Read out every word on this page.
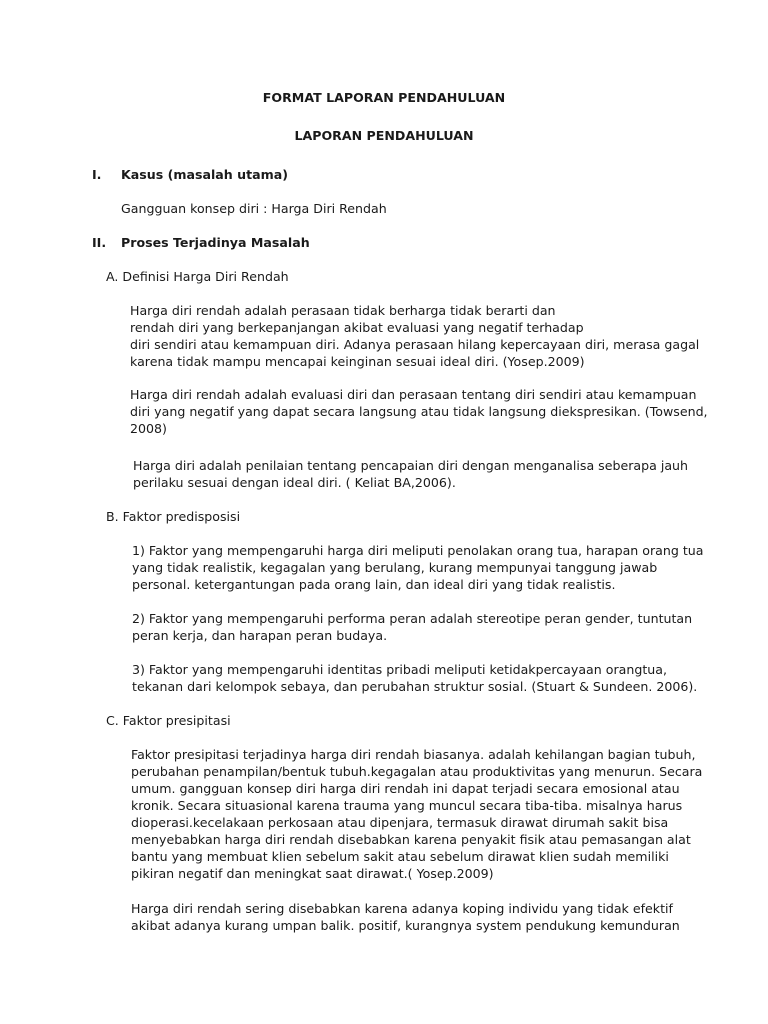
FORMAT LAPORAN PENDAHULUAN

LAPORAN PENDAHULUAN

I. Kasus (masalah utama)

Gangguan konsep diri : Harga Diri Rendah

II. Proses Terjadinya Masalah

A. Definisi Harga Diri Rendah

Harga diri rendah adalah perasaan tidak berharga tidak berarti dan

rendah diri yang berkepanjangan akibat evaluasi yang negatif terhadap

diri sendiri atau kemampuan diri. Adanya perasaan hilang kepercayaan diri, merasa gagal

karena tidak mampu mencapai keinginan sesuai ideal diri. (Yosep.2009)

Harga diri rendah adalah evaluasi diri dan perasaan tentang diri sendiri atau kemampuan

diri yang negatif yang dapat secara langsung atau tidak langsung diekspresikan. (Towsend,

2008)

Harga diri adalah penilaian tentang pencapaian diri dengan menganalisa seberapa jauh

perilaku sesuai dengan ideal diri. ( Keliat BA,2006).

B. Faktor predisposisi

1) Faktor yang mempengaruhi harga diri meliputi penolakan orang tua, harapan orang tua

yang tidak realistik, kegagalan yang berulang, kurang mempunyai tanggung jawab

personal. ketergantungan pada orang lain, dan ideal diri yang tidak realistis.

2) Faktor yang mempengaruhi performa peran adalah stereotipe peran gender, tuntutan

peran kerja, dan harapan peran budaya.

3) Faktor yang mempengaruhi identitas pribadi meliputi ketidakpercayaan orangtua,

tekanan dari kelompok sebaya, dan perubahan struktur sosial. (Stuart & Sundeen. 2006).

C. Faktor presipitasi

Faktor presipitasi terjadinya harga diri rendah biasanya. adalah kehilangan bagian tubuh,

perubahan penampilan/bentuk tubuh.kegagalan atau produktivitas yang menurun. Secara

umum. gangguan konsep diri harga diri rendah ini dapat terjadi secara emosional atau

kronik. Secara situasional karena trauma yang muncul secara tiba-tiba. misalnya harus

dioperasi.kecelakaan perkosaan atau dipenjara, termasuk dirawat dirumah sakit bisa

menyebabkan harga diri rendah disebabkan karena penyakit fisik atau pemasangan alat

bantu yang membuat klien sebelum sakit atau sebelum dirawat klien sudah memiliki

pikiran negatif dan meningkat saat dirawat.( Yosep.2009)

Harga diri rendah sering disebabkan karena adanya koping individu yang tidak efektif

akibat adanya kurang umpan balik. positif, kurangnya system pendukung kemunduran
